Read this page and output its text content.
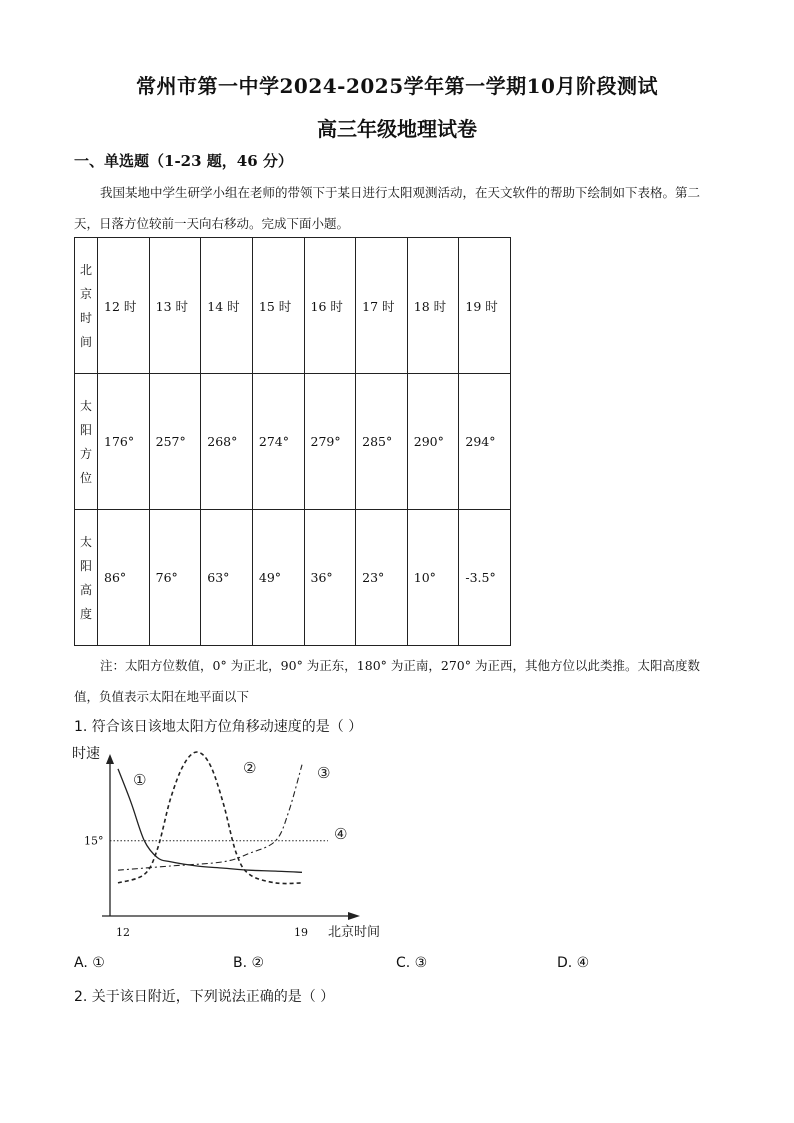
常州市第一中学2024-2025学年第一学期10月阶段测试
高三年级地理试卷
一、单选题（1-23 题，46 分）
我国某地中学生研学小组在老师的带领下于某日进行太阳观测活动，在天文软件的帮助下绘制如下表格。第二天，日落方位较前一天向右移动。完成下面小题。
北
京
时
间	12 时	13 时	14 时	15 时	16 时	17 时	18 时	19 时

太
阳
方
位	176°	257°	268°	274°	279°	285°	290°	294°

太
阳
高
度	86°	76°	63°	49°	36°	23°	10°	-3.5°
注：太阳方位数值，0° 为正北，90° 为正东，180° 为正南，270° 为正西，其他方位以此类推。太阳高度数值，负值表示太阳在地平面以下
1. 符合该日该地太阳方位角移动速度的是（ ）
①
②	③
④
时速
北京时间
12	19
15°
A. ①	B. ②	C. ③	D. ④
2. 关于该日附近，下列说法正确的是（ ）
